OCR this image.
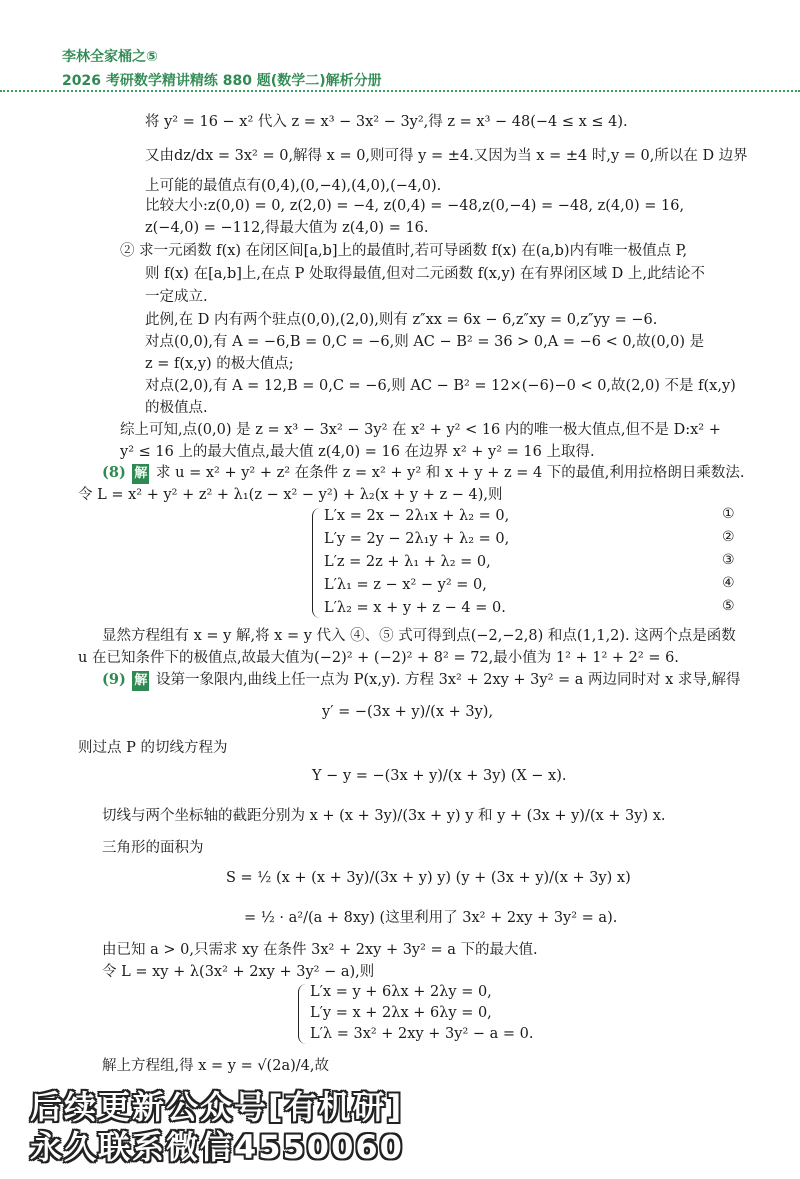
李林全家桶之⑤
2026 考研数学精讲精练 880 题(数学二)解析分册
将 y² = 16 − x² 代入 z = x³ − 3x² − 3y²,得 z = x³ − 48(−4 ≤ x ≤ 4).
又由dz/dx = 3x² = 0,解得 x = 0,则可得 y = ±4.又因为当 x = ±4 时,y = 0,所以在 D 边界
上可能的最值点有(0,4),(0,−4),(4,0),(−4,0).
比较大小:z(0,0) = 0, z(2,0) = −4, z(0,4) = −48,z(0,−4) = −48, z(4,0) = 16,
z(−4,0) = −112,得最大值为 z(4,0) = 16.
② 求一元函数 f(x) 在闭区间[a,b]上的最值时,若可导函数 f(x) 在(a,b)内有唯一极值点 P,
则 f(x) 在[a,b]上,在点 P 处取得最值,但对二元函数 f(x,y) 在有界闭区域 D 上,此结论不
一定成立.
此例,在 D 内有两个驻点(0,0),(2,0),则有 z″xx = 6x − 6,z″xy = 0,z″yy = −6.
对点(0,0),有 A = −6,B = 0,C = −6,则 AC − B² = 36 > 0,A = −6 < 0,故(0,0) 是
z = f(x,y) 的极大值点;
对点(2,0),有 A = 12,B = 0,C = −6,则 AC − B² = 12×(−6)−0 < 0,故(2,0) 不是 f(x,y)
的极值点.
综上可知,点(0,0) 是 z = x³ − 3x² − 3y² 在 x² + y² < 16 内的唯一极大值点,但不是 D:x² +
y² ≤ 16 上的最大值点,最大值 z(4,0) = 16 在边界 x² + y² = 16 上取得.
(8) 解 求 u = x² + y² + z² 在条件 z = x² + y² 和 x + y + z = 4 下的最值,利用拉格朗日乘数法.
令 L = x² + y² + z² + λ₁(z − x² − y²) + λ₂(x + y + z − 4),则
L′x = 2x − 2λ₁x + λ₂ = 0,
L′y = 2y − 2λ₁y + λ₂ = 0,
L′z = 2z + λ₁ + λ₂ = 0,
L′λ₁ = z − x² − y² = 0,
L′λ₂ = x + y + z − 4 = 0.
①
②
③
④
⑤
显然方程组有 x = y 解,将 x = y 代入 ④、⑤ 式可得到点(−2,−2,8) 和点(1,1,2). 这两个点是函数
u 在已知条件下的极值点,故最大值为(−2)² + (−2)² + 8² = 72,最小值为 1² + 1² + 2² = 6.
(9) 解 设第一象限内,曲线上任一点为 P(x,y). 方程 3x² + 2xy + 3y² = a 两边同时对 x 求导,解得
y′ = −(3x + y)/(x + 3y),
则过点 P 的切线方程为
Y − y = −(3x + y)/(x + 3y) (X − x).
切线与两个坐标轴的截距分别为 x + (x + 3y)/(3x + y) y 和 y + (3x + y)/(x + 3y) x.
三角形的面积为
S = ½ (x + (x + 3y)/(3x + y) y) (y + (3x + y)/(x + 3y) x)
= ½ · a²/(a + 8xy) (这里利用了 3x² + 2xy + 3y² = a).
由已知 a > 0,只需求 xy 在条件 3x² + 2xy + 3y² = a 下的最大值.
令 L = xy + λ(3x² + 2xy + 3y² − a),则
L′x = y + 6λx + 2λy = 0,
L′y = x + 2λx + 6λy = 0,
L′λ = 3x² + 2xy + 3y² − a = 0.
解上方程组,得 x = y = √(2a)/4,故
后续更新公众号[有机研]
永久联系微信4550060
